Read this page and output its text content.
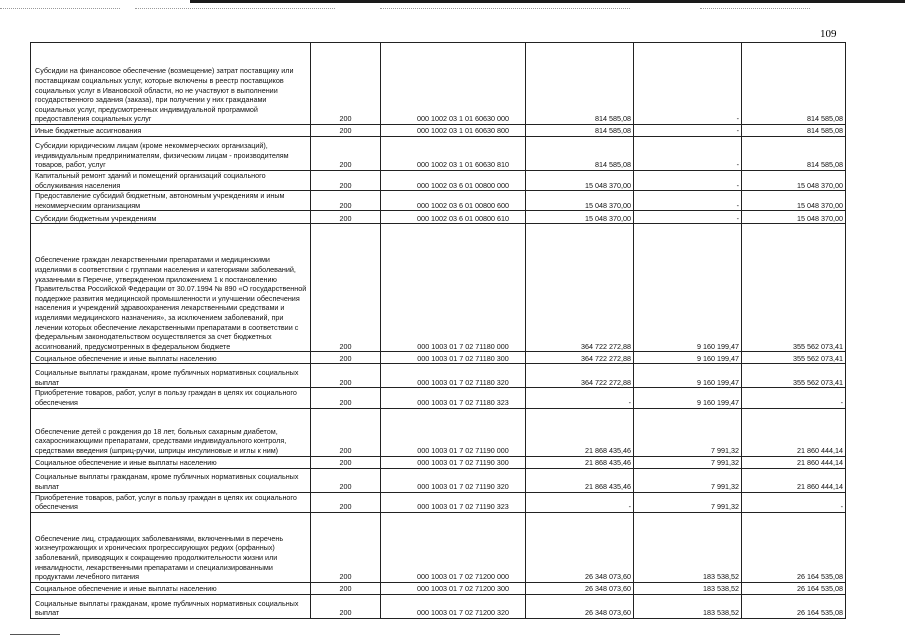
109
Субсидии на финансовое обеспечение (возмещение) затрат поставщику или поставщикам социальных услуг, которые включены в реестр поставщиков социальных услуг в Ивановской области, но не участвуют в выполнении государственного задания (заказа), при получении у них гражданами социальных услуг, предусмотренных индивидуальной программой предоставления социальных услуг	200	000 1002 03 1 01 60630 000	814 585,08	-	814 585,08
Иные бюджетные ассигнования	200	000 1002 03 1 01 60630 800	814 585,08	-	814 585,08
Субсидии юридическим лицам (кроме некоммерческих организаций), индивидуальным предпринимателям, физическим лицам - производителям товаров, работ, услуг	200	000 1002 03 1 01 60630 810	814 585,08	-	814 585,08
Капитальный ремонт зданий и помещений организаций социального обслуживания населения	200	000 1002 03 6 01 00800 000	15 048 370,00	-	15 048 370,00
Предоставление субсидий бюджетным, автономным учреждениям и иным некоммерческим организациям	200	000 1002 03 6 01 00800 600	15 048 370,00	-	15 048 370,00
Субсидии бюджетным учреждениям	200	000 1002 03 6 01 00800 610	15 048 370,00	-	15 048 370,00
Обеспечение граждан лекарственными препаратами и медицинскими изделиями в соответствии с группами населения и категориями заболеваний, указанными в Перечне, утвержденном приложением 1 к постановлению Правительства Российской Федерации от 30.07.1994 № 890 «О государственной поддержке развития медицинской промышленности и улучшении обеспечения населения и учреждений здравоохранения лекарственными средствами и изделиями медицинского назначения», за исключением заболеваний, при лечении которых обеспечение лекарственными препаратами в соответствии с федеральным законодательством осуществляется за счет бюджетных ассигнований, предусмотренных в федеральном бюджете	200	000 1003 01 7 02 71180 000	364 722 272,88	9 160 199,47	355 562 073,41
Социальное обеспечение и иные выплаты населению	200	000 1003 01 7 02 71180 300	364 722 272,88	9 160 199,47	355 562 073,41
Социальные выплаты гражданам, кроме публичных нормативных социальных выплат	200	000 1003 01 7 02 71180 320	364 722 272,88	9 160 199,47	355 562 073,41
Приобретение товаров, работ, услуг в пользу граждан в целях их социального обеспечения	200	000 1003 01 7 02 71180 323	-	9 160 199,47	-
Обеспечение детей с рождения до 18 лет, больных сахарным диабетом, сахароснижающими препаратами, средствами индивидуального контроля, средствами введения (шприц-ручки, шприцы инсулиновые и иглы к ним)	200	000 1003 01 7 02 71190 000	21 868 435,46	7 991,32	21 860 444,14
Социальное обеспечение и иные выплаты населению	200	000 1003 01 7 02 71190 300	21 868 435,46	7 991,32	21 860 444,14
Социальные выплаты гражданам, кроме публичных нормативных социальных выплат	200	000 1003 01 7 02 71190 320	21 868 435,46	7 991,32	21 860 444,14
Приобретение товаров, работ, услуг в пользу граждан в целях их социального обеспечения	200	000 1003 01 7 02 71190 323	-	7 991,32	-
Обеспечение лиц, страдающих заболеваниями, включенными в перечень жизнеугрожающих и хронических прогрессирующих редких (орфанных) заболеваний, приводящих к сокращению продолжительности жизни или инвалидности, лекарственными препаратами и специализированными продуктами лечебного питания	200	000 1003 01 7 02 71200 000	26 348 073,60	183 538,52	26 164 535,08
Социальное обеспечение и иные выплаты населению	200	000 1003 01 7 02 71200 300	26 348 073,60	183 538,52	26 164 535,08
Социальные выплаты гражданам, кроме публичных нормативных социальных выплат	200	000 1003 01 7 02 71200 320	26 348 073,60	183 538,52	26 164 535,08
